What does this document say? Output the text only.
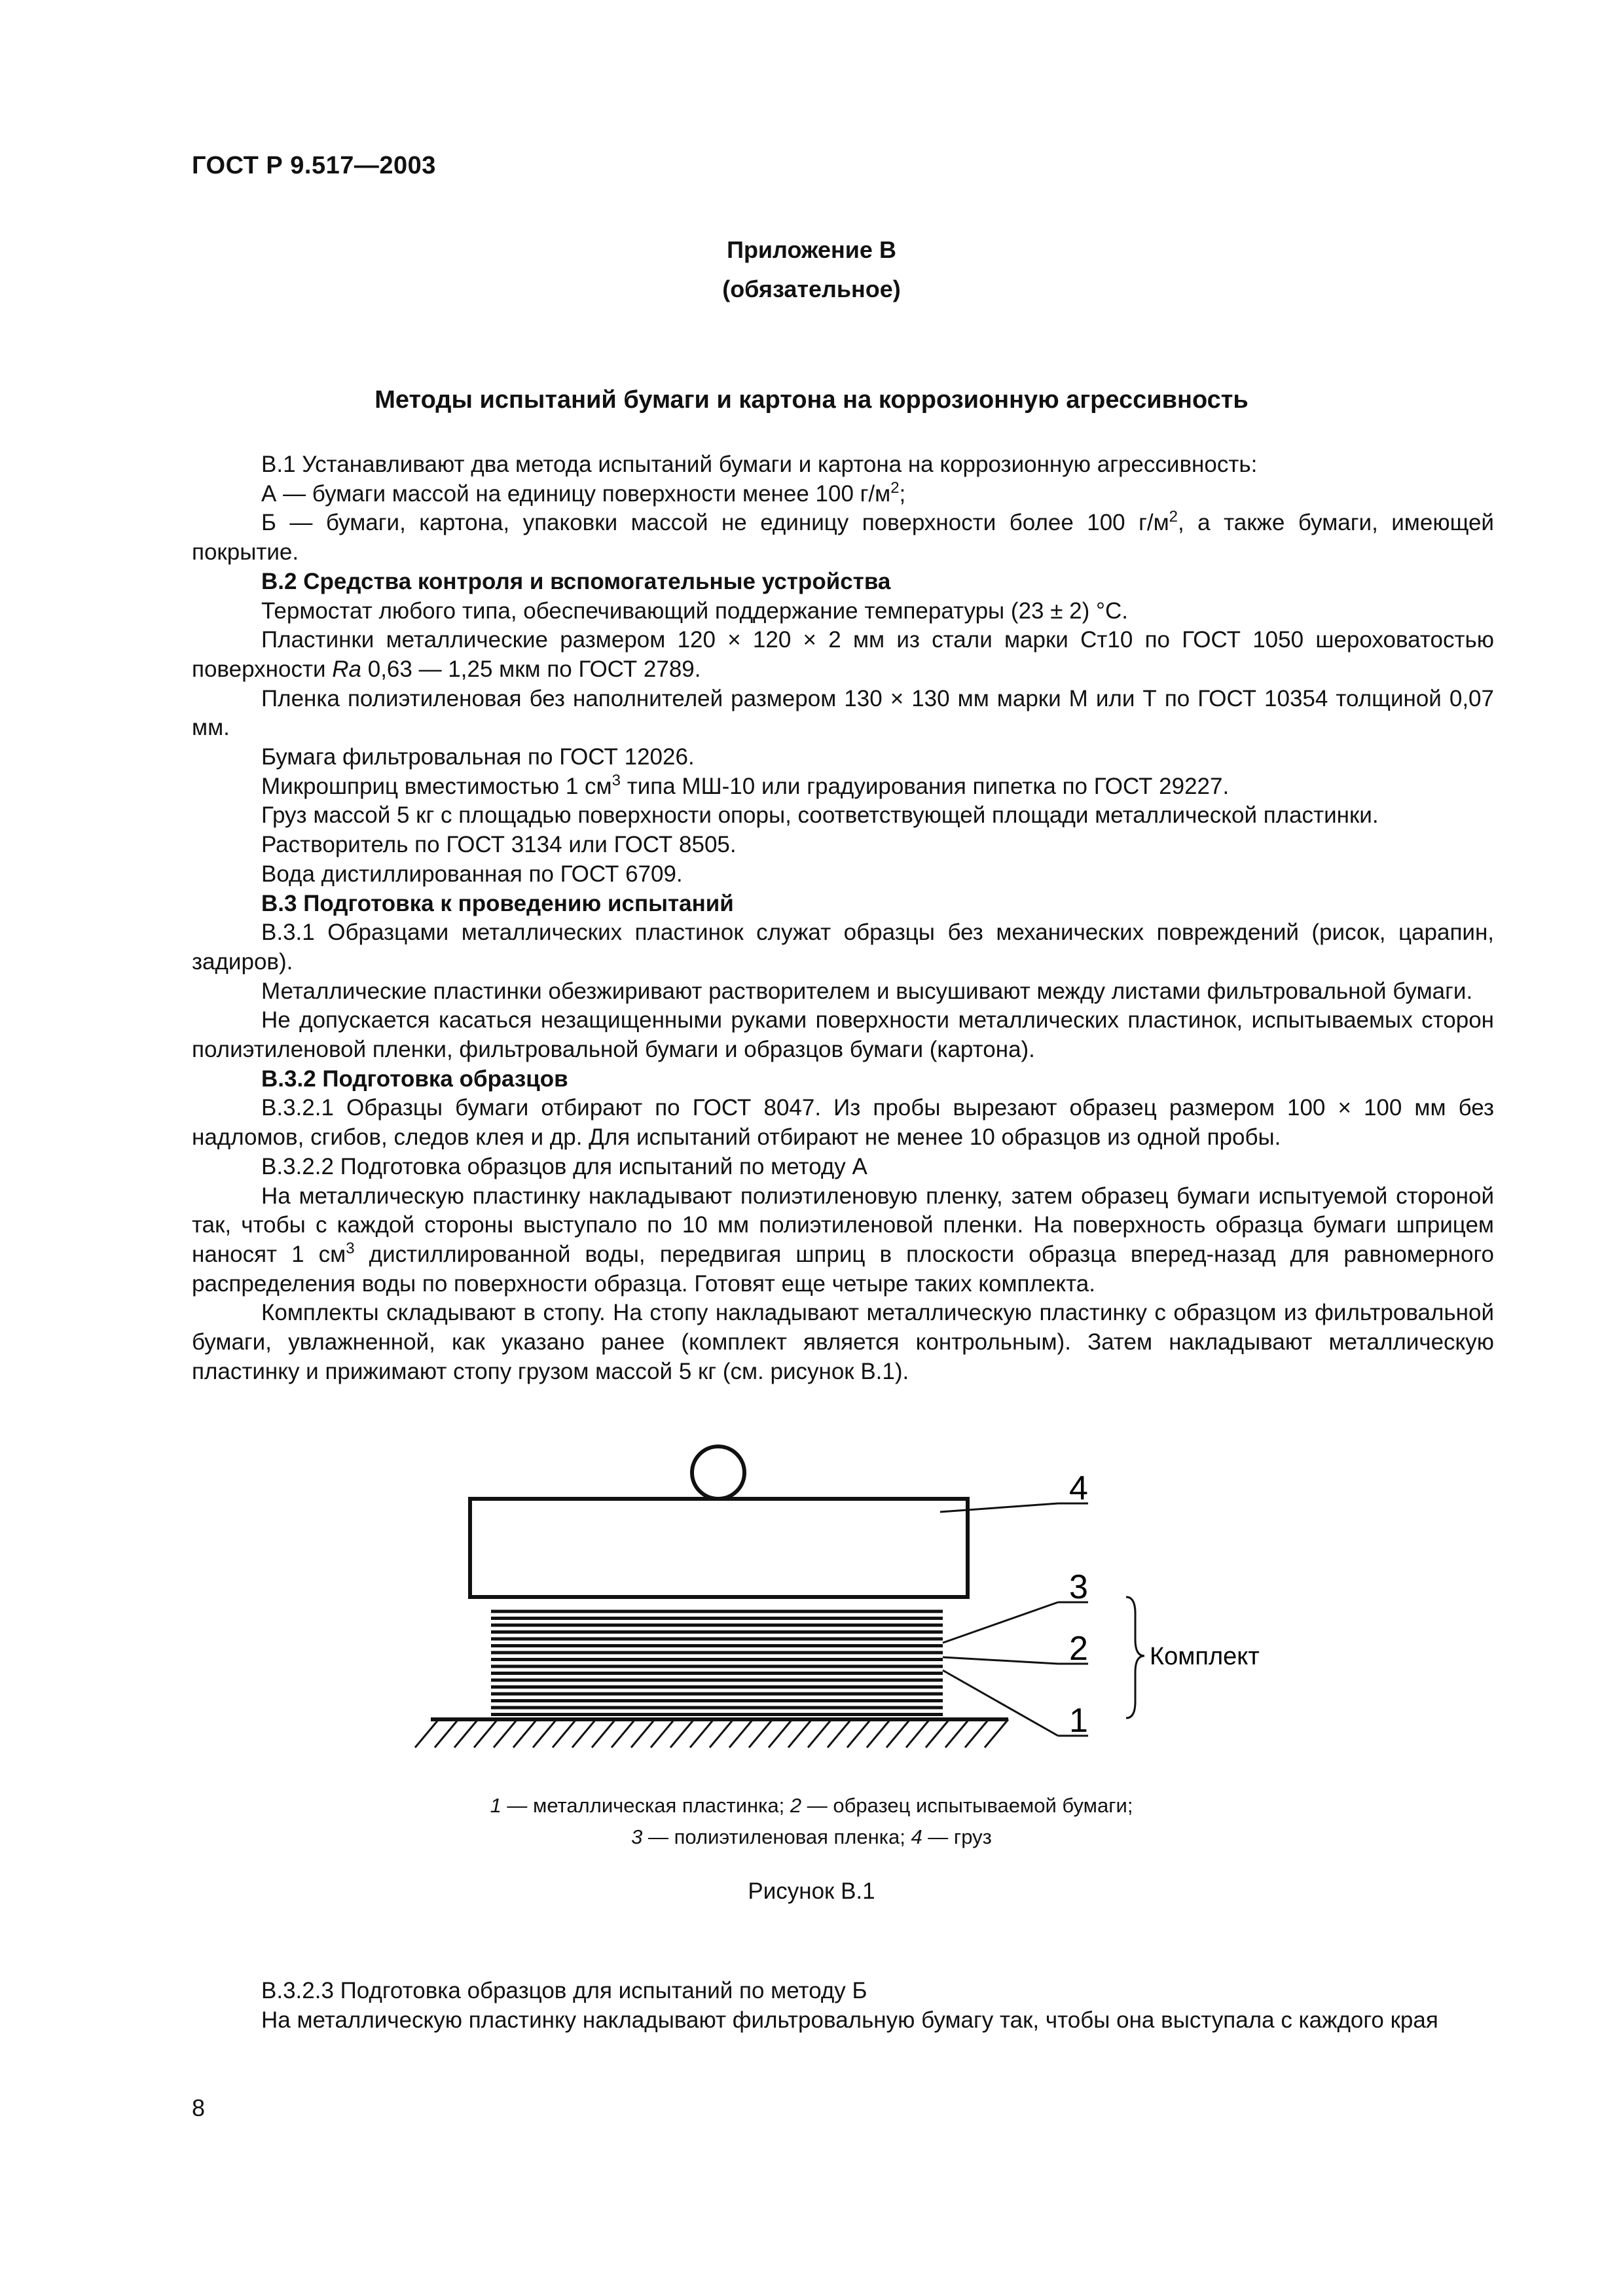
ГОСТ Р 9.517—2003
Приложение В
(обязательное)
Методы испытаний бумаги и картона на коррозионную агрессивность

В.1 Устанавливают два метода испытаний бумаги и картона на коррозионную агрессивность:

А — бумаги массой на единицу поверхности менее 100 $г/м^2$;

Б — бумаги, картона, упаковки массой не единицу поверхности более 100 $г/м^2$, а также бумаги, имеющей покрытие.

В.2 Средства контроля и вспомогательные устройства

Термостат любого типа, обеспечивающий поддержание температуры (23 ± 2) °С.

Пластинки металлические размером 120 × 120 × 2 мм из стали марки Ст10 по ГОСТ 1050 шероховатостью поверхности Ra 0,63 — 1,25 мкм по ГОСТ 2789.

Пленка полиэтиленовая без наполнителей размером 130 × 130 мм марки М или Т по ГОСТ 10354 толщиной 0,07 мм.

Бумага фильтровальная по ГОСТ 12026.

Микрошприц вместимостью 1 $см^3$ типа МШ-10 или градуирования пипетка по ГОСТ 29227.

Груз массой 5 кг с площадью поверхности опоры, соответствующей площади металлической пластинки.

Растворитель по ГОСТ 3134 или ГОСТ 8505.

Вода дистиллированная по ГОСТ 6709.

В.3 Подготовка к проведению испытаний

В.3.1 Образцами металлических пластинок служат образцы без механических повреждений (рисок, царапин, задиров).

Металлические пластинки обезжиривают растворителем и высушивают между листами фильтровальной бумаги.

Не допускается касаться незащищенными руками поверхности металлических пластинок, испытываемых сторон полиэтиленовой пленки, фильтровальной бумаги и образцов бумаги (картона).

В.3.2 Подготовка образцов

В.3.2.1 Образцы бумаги отбирают по ГОСТ 8047. Из пробы вырезают образец размером 100 × 100 мм без надломов, сгибов, следов клея и др. Для испытаний отбирают не менее 10 образцов из одной пробы.

В.3.2.2 Подготовка образцов для испытаний по методу А

На металлическую пластинку накладывают полиэтиленовую пленку, затем образец бумаги испытуемой стороной так, чтобы с каждой стороны выступало по 10 мм полиэтиленовой пленки. На поверхность образца бумаги шприцем наносят 1 $см^3$ дистиллированной воды, передвигая шприц в плоскости образца вперед-назад для равномерного распределения воды по поверхности образца. Готовят еще четыре таких комплекта.

Комплекты складывают в стопу. На стопу накладывают металлическую пластинку с образцом из фильтровальной бумаги, увлажненной, как указано ранее (комплект является контрольным). Затем накладывают металлическую пластинку и прижимают стопу грузом массой 5 кг (см. рисунок В.1).

4
3
2
1
Комплект
1 — металлическая пластинка; 2 — образец испытываемой бумаги;
3 — полиэтиленовая пленка; 4 — груз
Рисунок В.1

В.3.2.3 Подготовка образцов для испытаний по методу Б

На металлическую пластинку накладывают фильтровальную бумагу так, чтобы она выступала с каждого края

8
